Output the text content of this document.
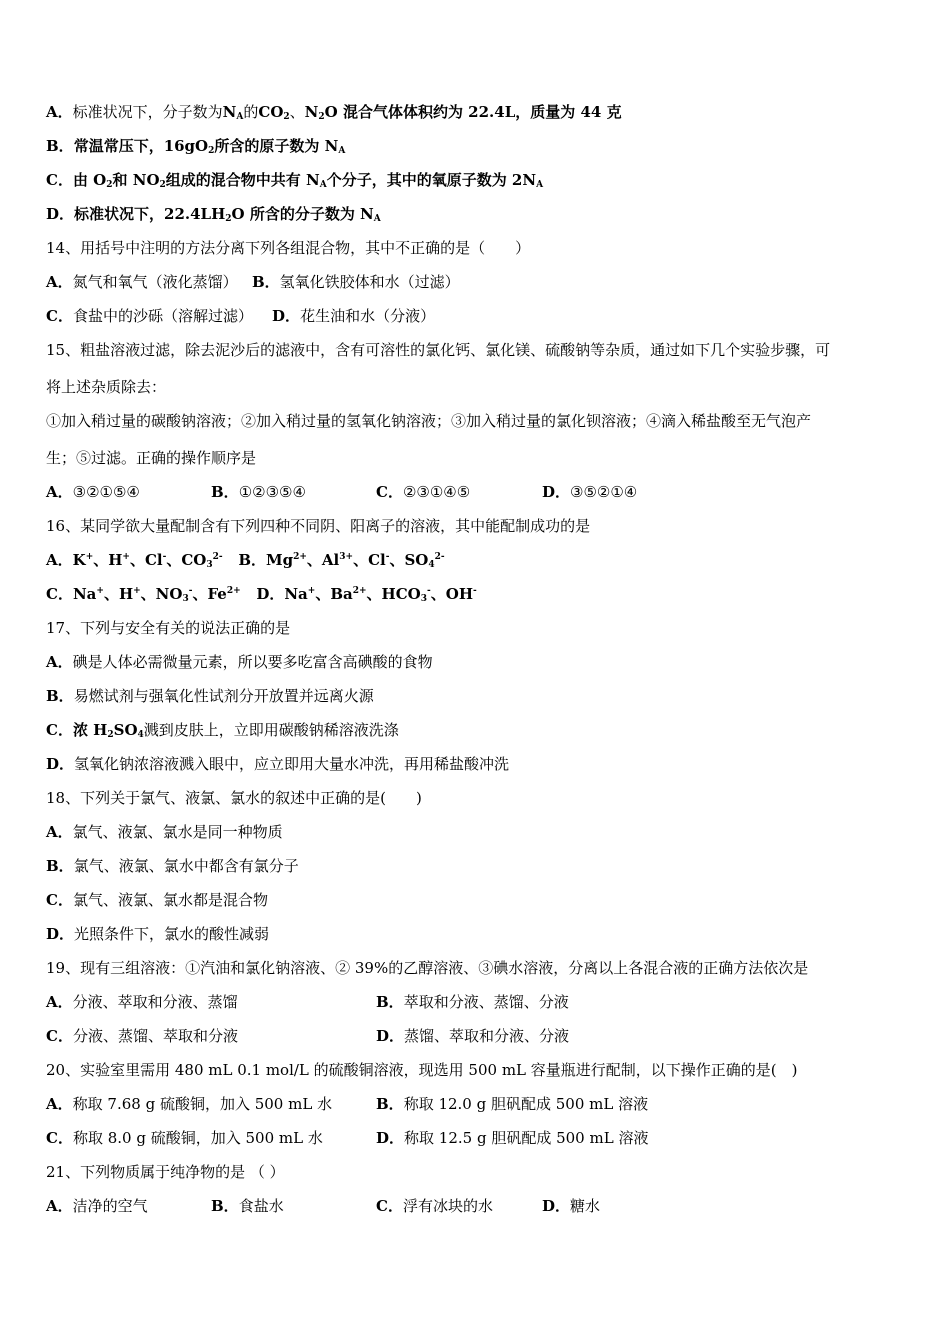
A．标准状况下，分子数为$N_A$的$CO_2$、$N_2O$ 混合气体体积约为 22.4L，质量为 44 克
B．常温常压下，$16gO_2$所含的原子数为 $N_A$
C．由 $O_2$和 $NO_2$组成的混合物中共有 $N_A$个分子，其中的氧原子数为 $2N_A$
D．标准状况下，$22.4LH_2O$ 所含的分子数为 $N_A$
14、用括号中注明的方法分离下列各组混合物，其中不正确的是（　　）
A．氮气和氧气（液化蒸馏） B．氢氧化铁胶体和水（过滤）
C．食盐中的沙砾（溶解过滤） D．花生油和水（分液）
15、粗盐溶液过滤，除去泥沙后的滤液中，含有可溶性的氯化钙、氯化镁、硫酸钠等杂质，通过如下几个实验步骤，可
将上述杂质除去：
①加入稍过量的碳酸钠溶液；②加入稍过量的氢氧化钠溶液；③加入稍过量的氯化钡溶液；④滴入稀盐酸至无气泡产
生；⑤过滤。正确的操作顺序是
A．③②①⑤④	B．①②③⑤④	C．②③①④⑤	D．③⑤②①④
16、某同学欲大量配制含有下列四种不同阴、阳离子的溶液，其中能配制成功的是
A．K+、H+、Cl-、$CO_3^{2-}$ B．$Mg^{2+}$、$Al^{3+}$、Cl-、$SO_4^{2-}$
C．Na+、H+、$NO_3^-$、$Fe^{2+}$ D．Na+、$Ba^{2+}$、$HCO_3^-$、OH-
17、下列与安全有关的说法正确的是
A．碘是人体必需微量元素，所以要多吃富含高碘酸的食物
B．易燃试剂与强氧化性试剂分开放置并远离火源
C．浓 $H_2SO_4$溅到皮肤上，立即用碳酸钠稀溶液洗涤
D．氢氧化钠浓溶液溅入眼中，应立即用大量水冲洗，再用稀盐酸冲洗
18、下列关于氯气、液氯、氯水的叙述中正确的是(　　)
A．氯气、液氯、氯水是同一种物质
B．氯气、液氯、氯水中都含有氯分子
C．氯气、液氯、氯水都是混合物
D．光照条件下，氯水的酸性减弱
19、现有三组溶液：①汽油和氯化钠溶液、② 39%的乙醇溶液、③碘水溶液，分离以上各混合液的正确方法依次是
A．分液、萃取和分液、蒸馏	B．萃取和分液、蒸馏、分液
C．分液、蒸馏、萃取和分液	D．蒸馏、萃取和分液、分液
20、实验室里需用 480 mL 0.1 mol/L 的硫酸铜溶液，现选用 500 mL 容量瓶进行配制，以下操作正确的是(　)
A．称取 7.68 g 硫酸铜，加入 500 mL 水	B．称取 12.0 g 胆矾配成 500 mL 溶液
C．称取 8.0 g 硫酸铜，加入 500 mL 水	D．称取 12.5 g 胆矾配成 500 mL 溶液
21、下列物质属于纯净物的是 （ ）
A．洁净的空气	B．食盐水	C．浮有冰块的水	D．糖水
